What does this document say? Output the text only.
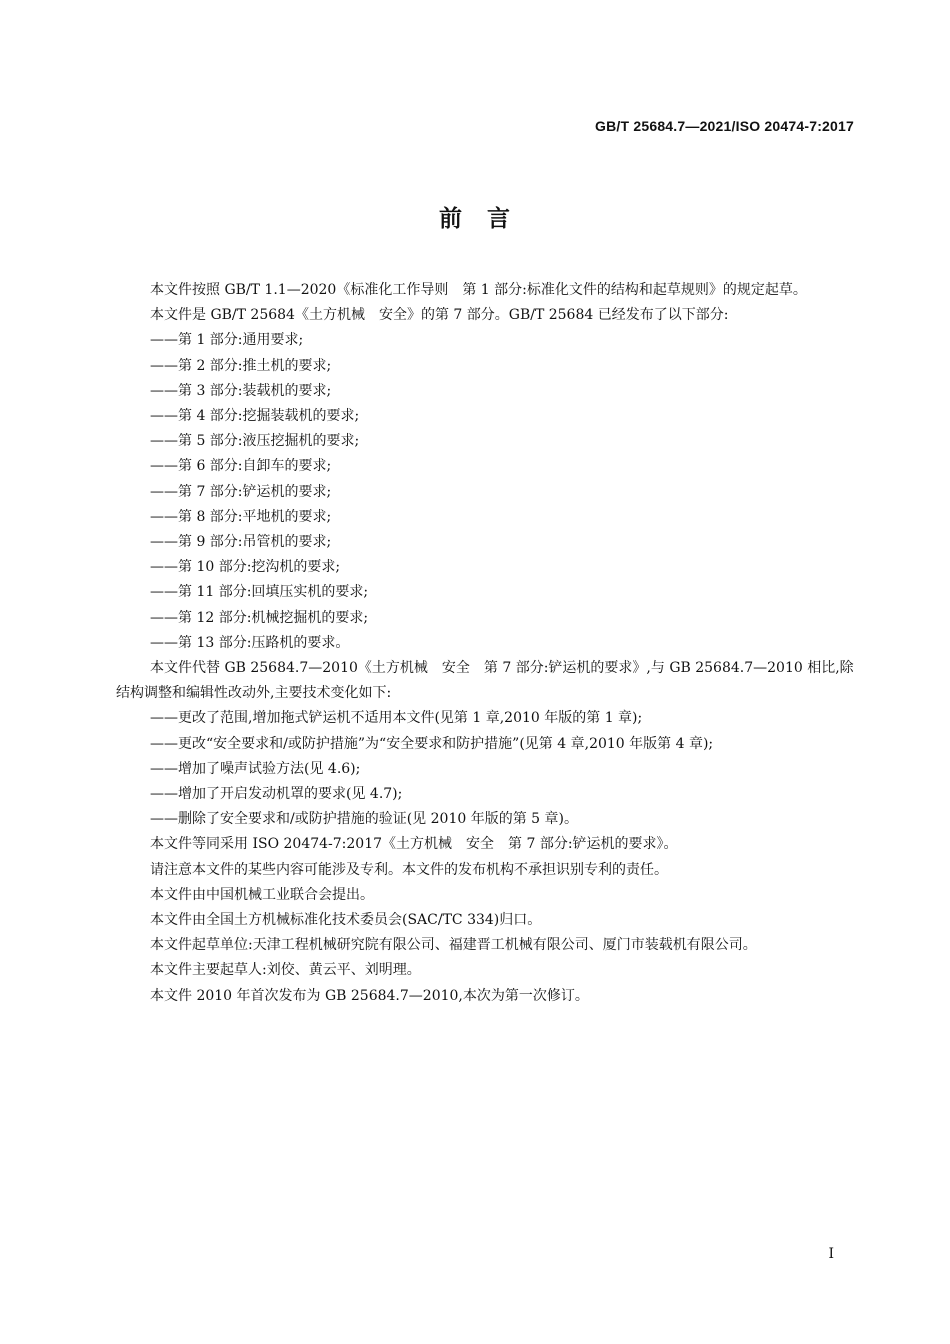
GB/T 25684.7—2021/ISO 20474-7:2017
前　言

本文件按照 GB/T 1.1—2020《标准化工作导则　第 1 部分:标准化文件的结构和起草规则》的规定起草。

本文件是 GB/T 25684《土方机械　安全》的第 7 部分。GB/T 25684 已经发布了以下部分:

——第 1 部分:通用要求;

——第 2 部分:推土机的要求;

——第 3 部分:装载机的要求;

——第 4 部分:挖掘装载机的要求;

——第 5 部分:液压挖掘机的要求;

——第 6 部分:自卸车的要求;

——第 7 部分:铲运机的要求;

——第 8 部分:平地机的要求;

——第 9 部分:吊管机的要求;

——第 10 部分:挖沟机的要求;

——第 11 部分:回填压实机的要求;

——第 12 部分:机械挖掘机的要求;

——第 13 部分:压路机的要求。

本文件代替 GB 25684.7—2010《土方机械　安全　第 7 部分:铲运机的要求》,与 GB 25684.7—2010 相比,除结构调整和编辑性改动外,主要技术变化如下:

——更改了范围,增加拖式铲运机不适用本文件(见第 1 章,2010 年版的第 1 章);

——更改“安全要求和/或防护措施”为“安全要求和防护措施”(见第 4 章,2010 年版第 4 章);

——增加了噪声试验方法(见 4.6);

——增加了开启发动机罩的要求(见 4.7);

——删除了安全要求和/或防护措施的验证(见 2010 年版的第 5 章)。

本文件等同采用 ISO 20474-7:2017《土方机械　安全　第 7 部分:铲运机的要求》。

请注意本文件的某些内容可能涉及专利。本文件的发布机构不承担识别专利的责任。

本文件由中国机械工业联合会提出。

本文件由全国土方机械标准化技术委员会(SAC/TC 334)归口。

本文件起草单位:天津工程机械研究院有限公司、福建晋工机械有限公司、厦门市装载机有限公司。

本文件主要起草人:刘佼、黄云平、刘明理。

本文件 2010 年首次发布为 GB 25684.7—2010,本次为第一次修订。

I
